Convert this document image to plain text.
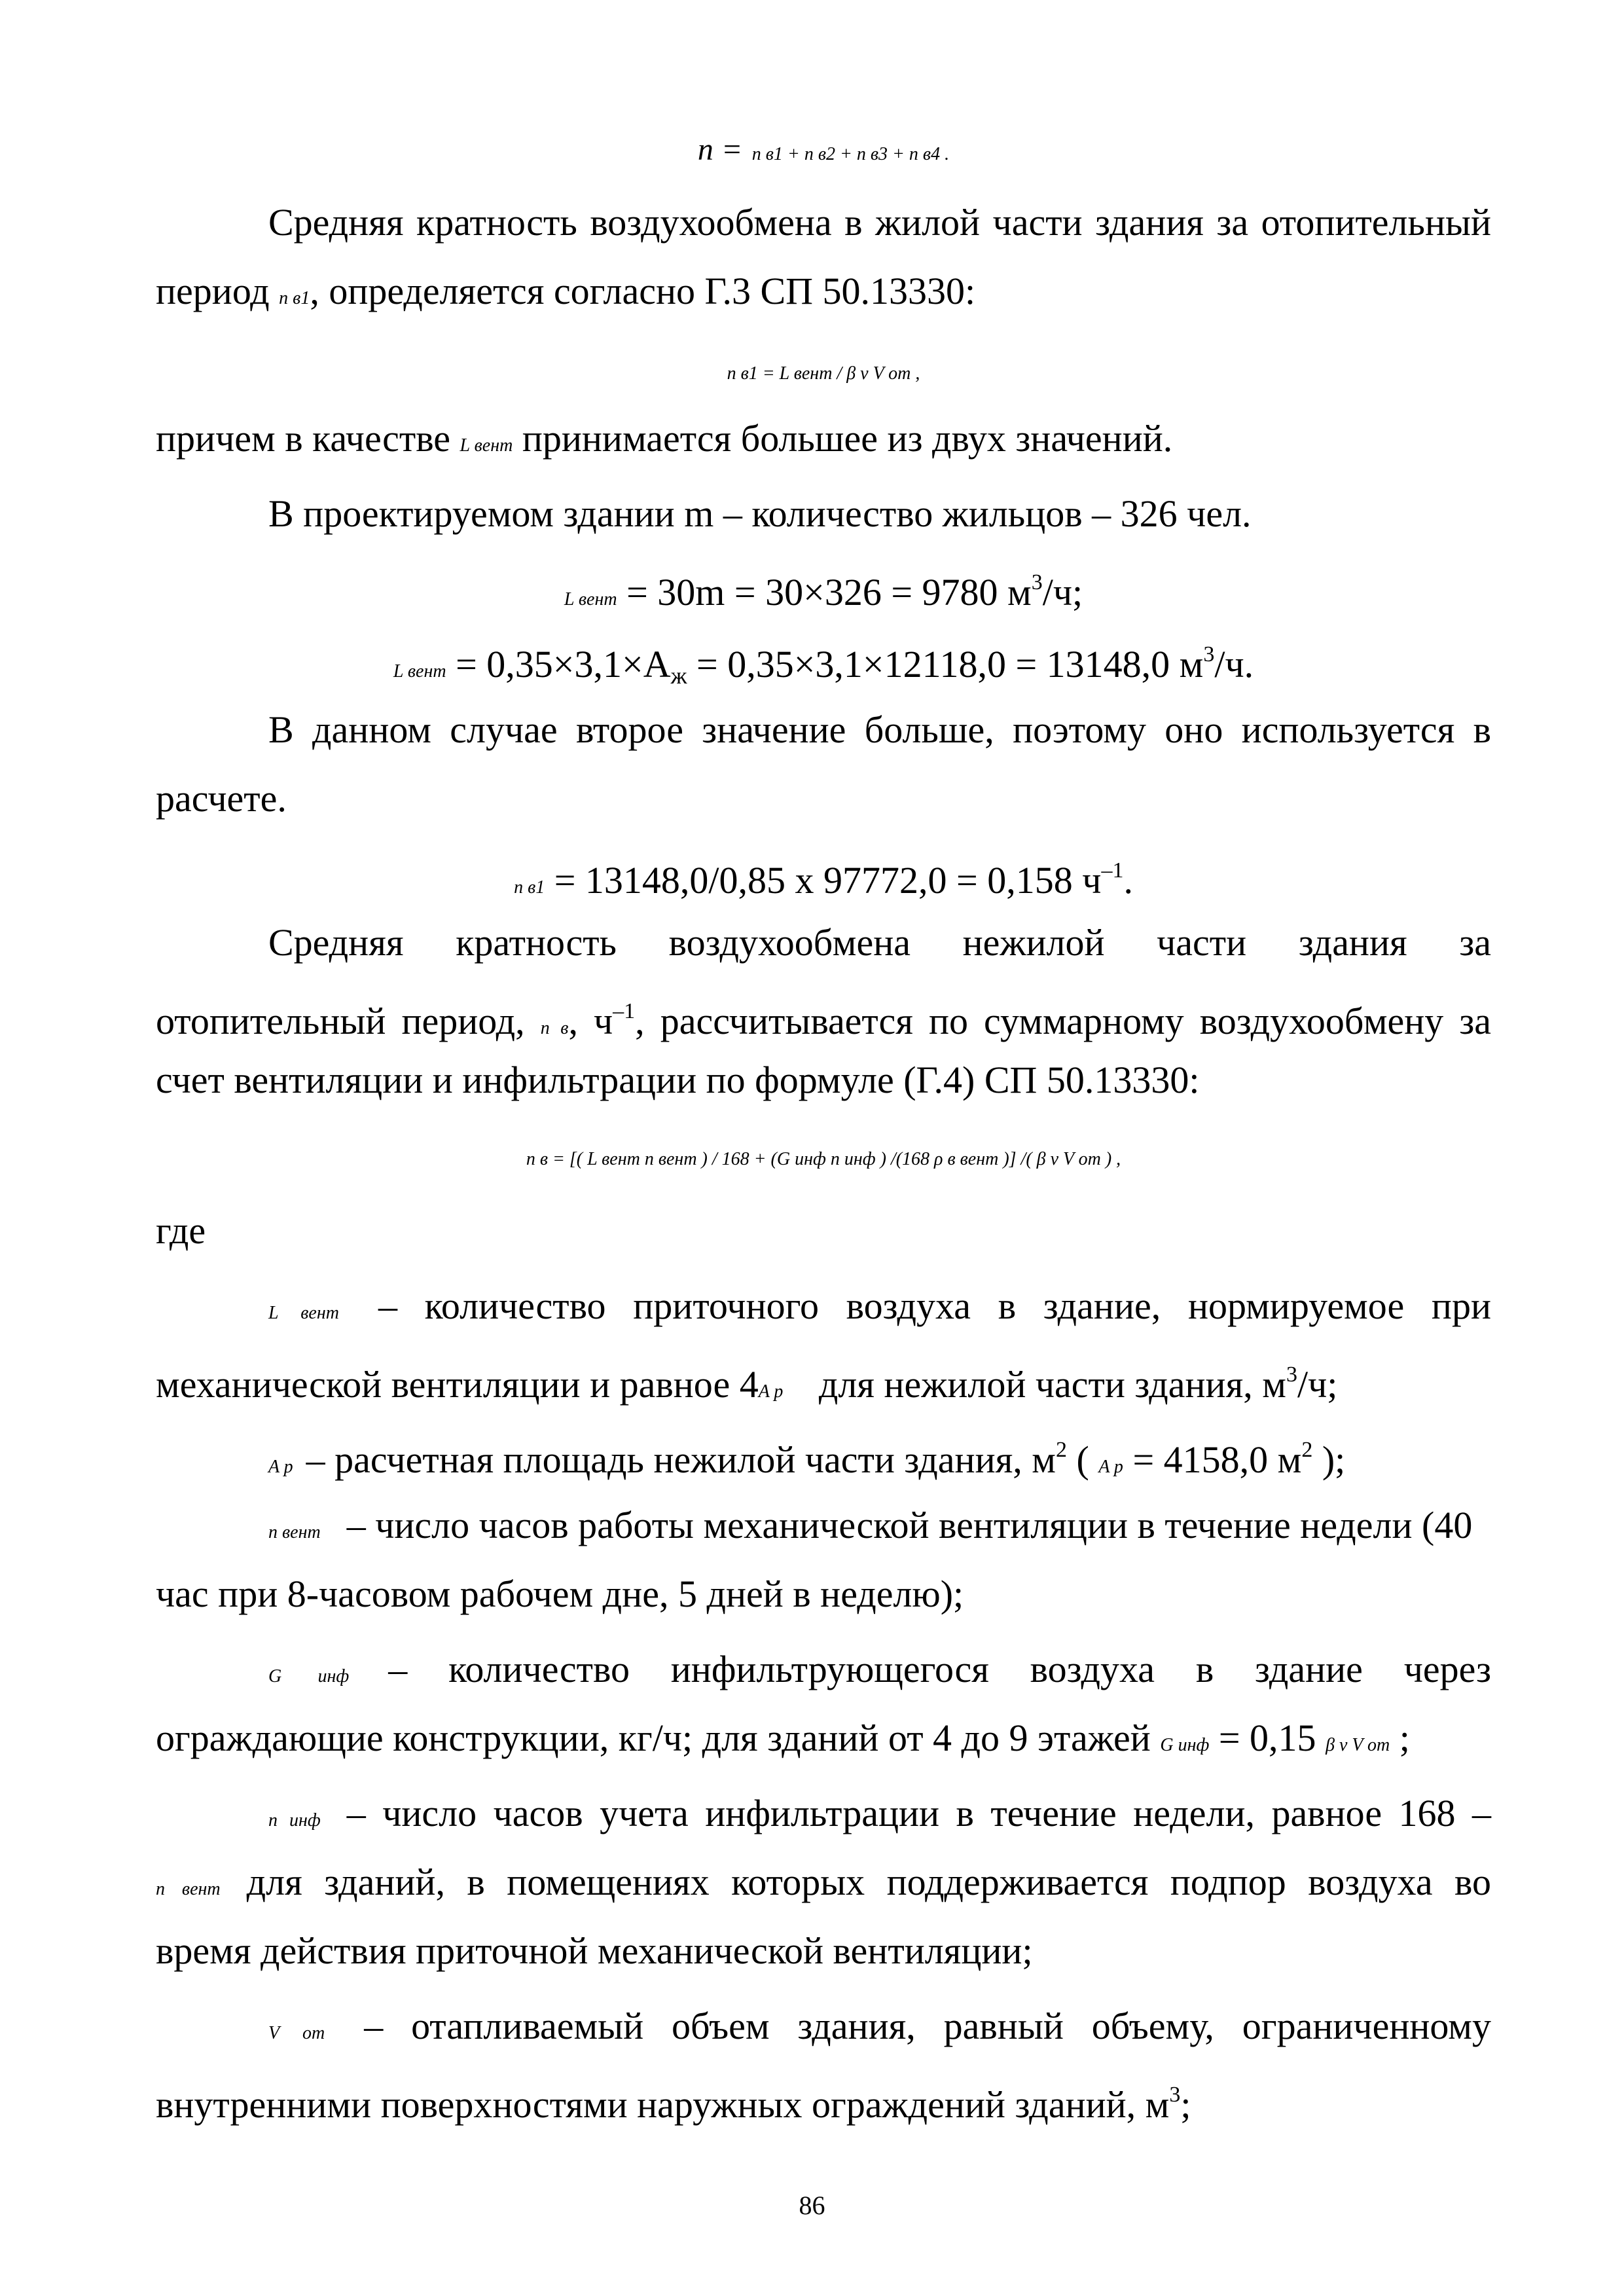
n = n в1 + n в2 + n в3 + n в4 .
Средняя кратность воздухообмена в жилой части здания за отопительный
период n в1, определяется согласно Г.3 СП 50.13330:
n в1 = L вент / β v V от ,
причем в качестве L вент принимается большее из двух значений.
В проектируемом здании m – количество жильцов – 326 чел.
L вент = 30m = 30×326 = 9780 $м^3/ч$;
L вент = 0,35×3,1×Аж = 0,35×3,1×12118,0 = 13148,0 $м^3/ч$.
В данном случае второе значение больше, поэтому оно используется в
расчете.
n в1 = 13148,0/0,85 х 97772,0 = 0,158 $ч^{-1}$.
Средняя кратность воздухообмена нежилой части здания за
отопительный период, n в, $ч^{-1}$, рассчитывается по суммарному воздухообмену за
счет вентиляции и инфильтрации по формуле (Г.4) СП 50.13330:
n в = [( L вент n вент ) / 168 + (G инф n инф ) /(168 ρ в вент )] /( β v V от ) ,
где
L вент – количество приточного воздуха в здание, нормируемое при
механической вентиляции и равное 4A р для нежилой части здания, $м^3/ч$;
A р – расчетная площадь нежилой части здания, $м^2$ ( A р = 4158,0 $м^2$ );
n вент – число часов работы механической вентиляции в течение недели (40
час при 8-часовом рабочем дне, 5 дней в неделю);
G инф – количество инфильтрующегося воздуха в здание через
ограждающие конструкции, кг/ч; для зданий от 4 до 9 этажей G инф = 0,15 β v V от ;
n инф – число часов учета инфильтрации в течение недели, равное 168 –
n вент для зданий, в помещениях которых поддерживается подпор воздуха во
время действия приточной механической вентиляции;
V от – отапливаемый объем здания, равный объему, ограниченному
внутренними поверхностями наружных ограждений зданий, $м^3$;
86
